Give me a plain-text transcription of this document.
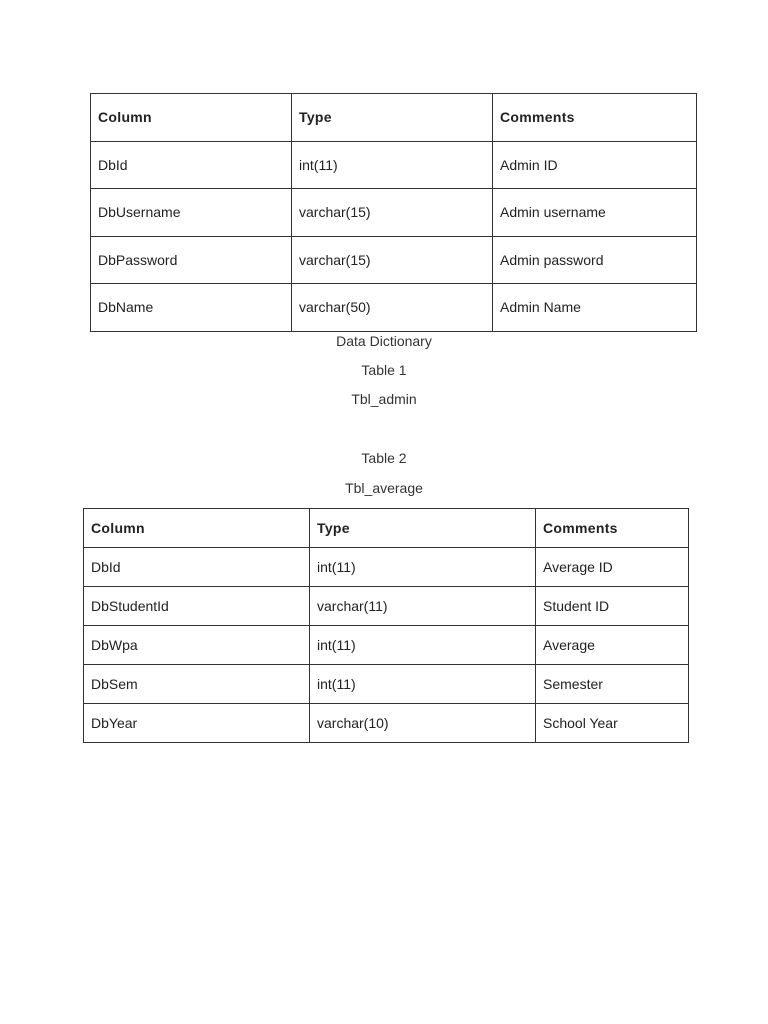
Column	Type	Comments
DbId	int(11)	Admin ID
DbUsername	varchar(15)	Admin username
DbPassword	varchar(15)	Admin password
DbName	varchar(50)	Admin Name
Data Dictionary
Table 1
Tbl_admin
Table 2
Tbl_average
Column	Type	Comments
DbId	int(11)	Average ID
DbStudentId	varchar(11)	Student ID
DbWpa	int(11)	Average
DbSem	int(11)	Semester
DbYear	varchar(10)	School Year
